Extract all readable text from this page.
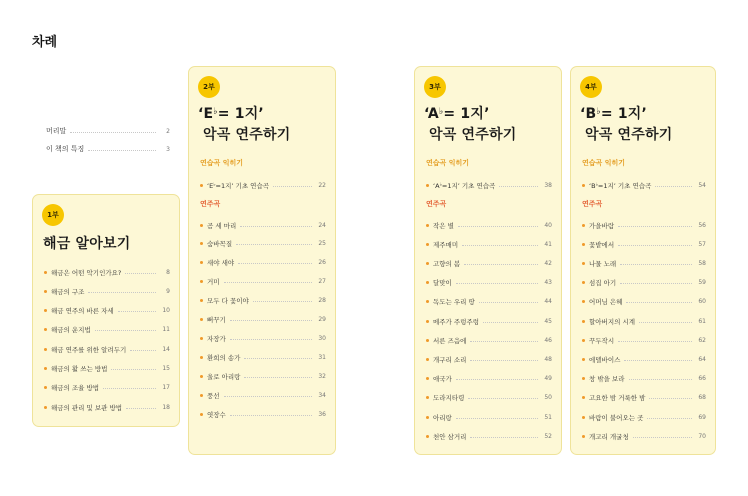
차례
머리말	2
이 책의 특징	3
1부
해금 알아보기
해금은 어떤 악기인가요?	8
해금의 구조	9
해금 연주의 바른 자세	10
해금의 운지법	11
해금 연주를 위한 알려두기	14
해금의 활 쓰는 방법	15
해금의 조율 방법	17
해금의 관리 및 보관 방법	18
2부
‘E♭= 1지’
악곡 연주하기
연습곡 익히기
‘E♭=1지’ 기초 연습곡	22
연주곡
곰 세 마리	24
숨바꼭질	25
새야 새야	26
거미	27
모두 다 꽃이야	28
뻐꾸기	29
자장가	30
환희의 송가	31
울로 아리랑	32
풍선	34
엿장수	36
3부
‘A♭= 1지’
악곡 연주하기
연습곡 익히기
‘A♭=1지’ 기초 연습곡	38
연주곡
작은 별	40
제주매미	41
고향의 봄	42
달맞이	43
독도는 우리 땅	44
메주가 주렁주렁	45
서른 즈음에	46
개구리 소리	48
애국가	49
도라지타령	50
아리랑	51
천안 삼거리	52
4부
‘B♭= 1지’
악곡 연주하기
연습곡 익히기
‘B♭=1지’ 기초 연습곡	54
연주곡
가을바람	56
꽃밭에서	57
나물 노래	58
섬집 아기	59
어머님 은혜	60
할아버지의 시계	61
꾸두작시	62
에델바이스	64
창 밖을 보라	66
고요한 밤 거룩한 밤	68
바람이 불어오는 곳	69
개고리 개굴청	70
